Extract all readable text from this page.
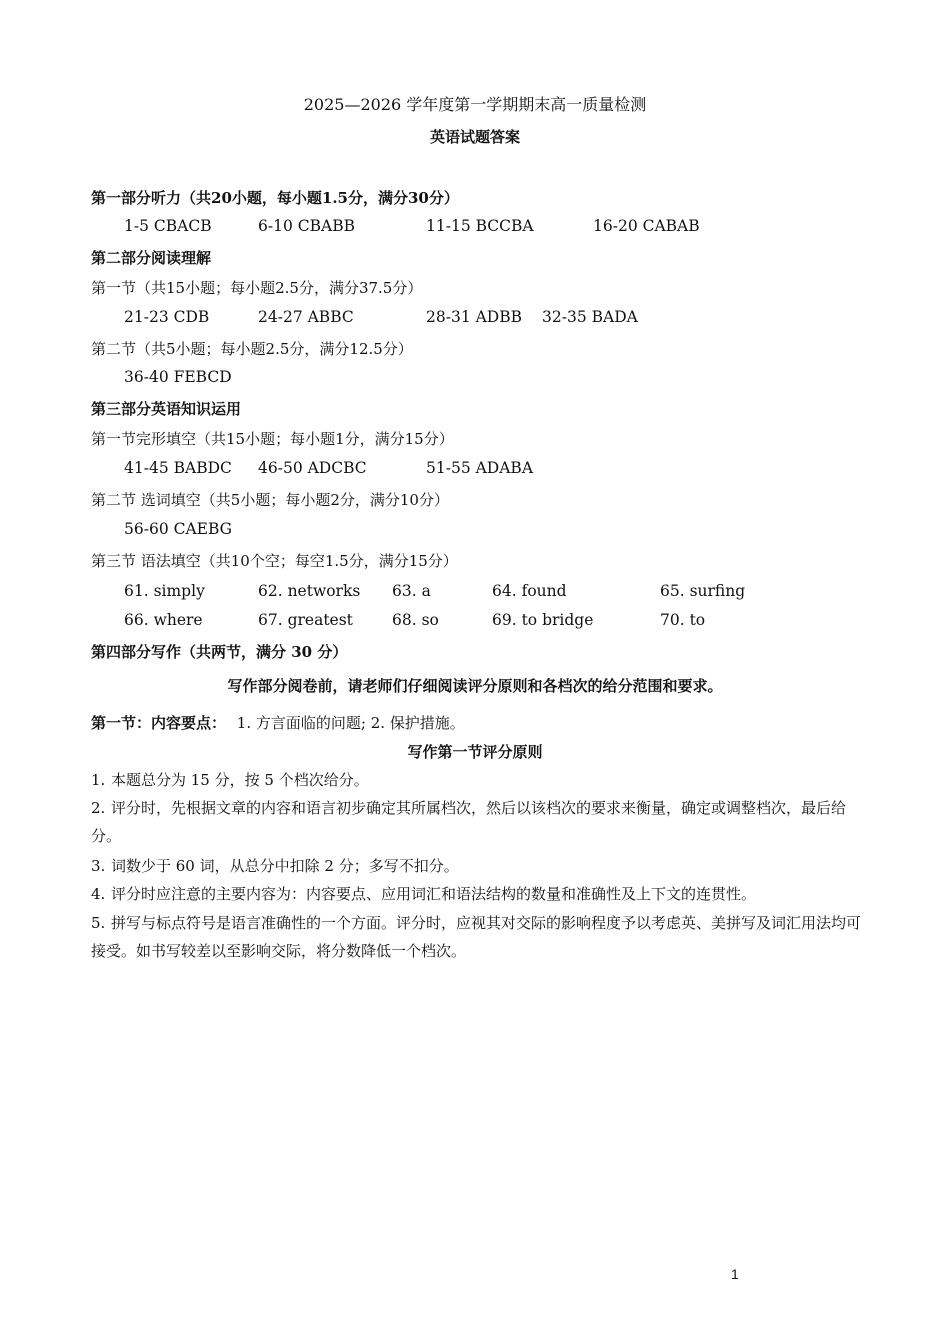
2025—2026 学年度第一学期期末高一质量检测
英语试题答案
第一部分听力（共20小题，每小题1.5分，满分30分）
1-5 CBACB	6-10 CBABB	11-15 BCCBA	16-20 CABAB
第二部分阅读理解
第一节（共15小题；每小题2.5分，满分37.5分）
21-23 CDB	24-27 ABBC	28-31 ADBB 32-35 BADA
第二节（共5小题；每小题2.5分，满分12.5分）
36-40 FEBCD
第三部分英语知识运用
第一节完形填空（共15小题；每小题1分，满分15分）
41-45 BABDC 46-50 ADCBC	51-55 ADABA
第二节 选词填空（共5小题；每小题2分，满分10分）
56-60 CAEBG
第三节 语法填空（共10个空；每空1.5分，满分15分）
61. simply	62. networks 63. a	64. found	65. surfing
66. where	67. greatest	68. so	69. to bridge	70. to
第四部分写作（共两节，满分 30 分）
写作部分阅卷前，请老师们仔细阅读评分原则和各档次的给分范围和要求。
第一节：内容要点： 1. 方言面临的问题; 2. 保护措施。
写作第一节评分原则
1. 本题总分为 15 分，按 5 个档次给分。
2. 评分时，先根据文章的内容和语言初步确定其所属档次，然后以该档次的要求来衡量，确定或调整档次，最后给分。
3. 词数少于 60 词，从总分中扣除 2 分；多写不扣分。
4. 评分时应注意的主要内容为：内容要点、应用词汇和语法结构的数量和准确性及上下文的连贯性。
5. 拼写与标点符号是语言准确性的一个方面。评分时，应视其对交际的影响程度予以考虑英、美拼写及词汇用法均可接受。如书写较差以至影响交际，将分数降低一个档次。
1
